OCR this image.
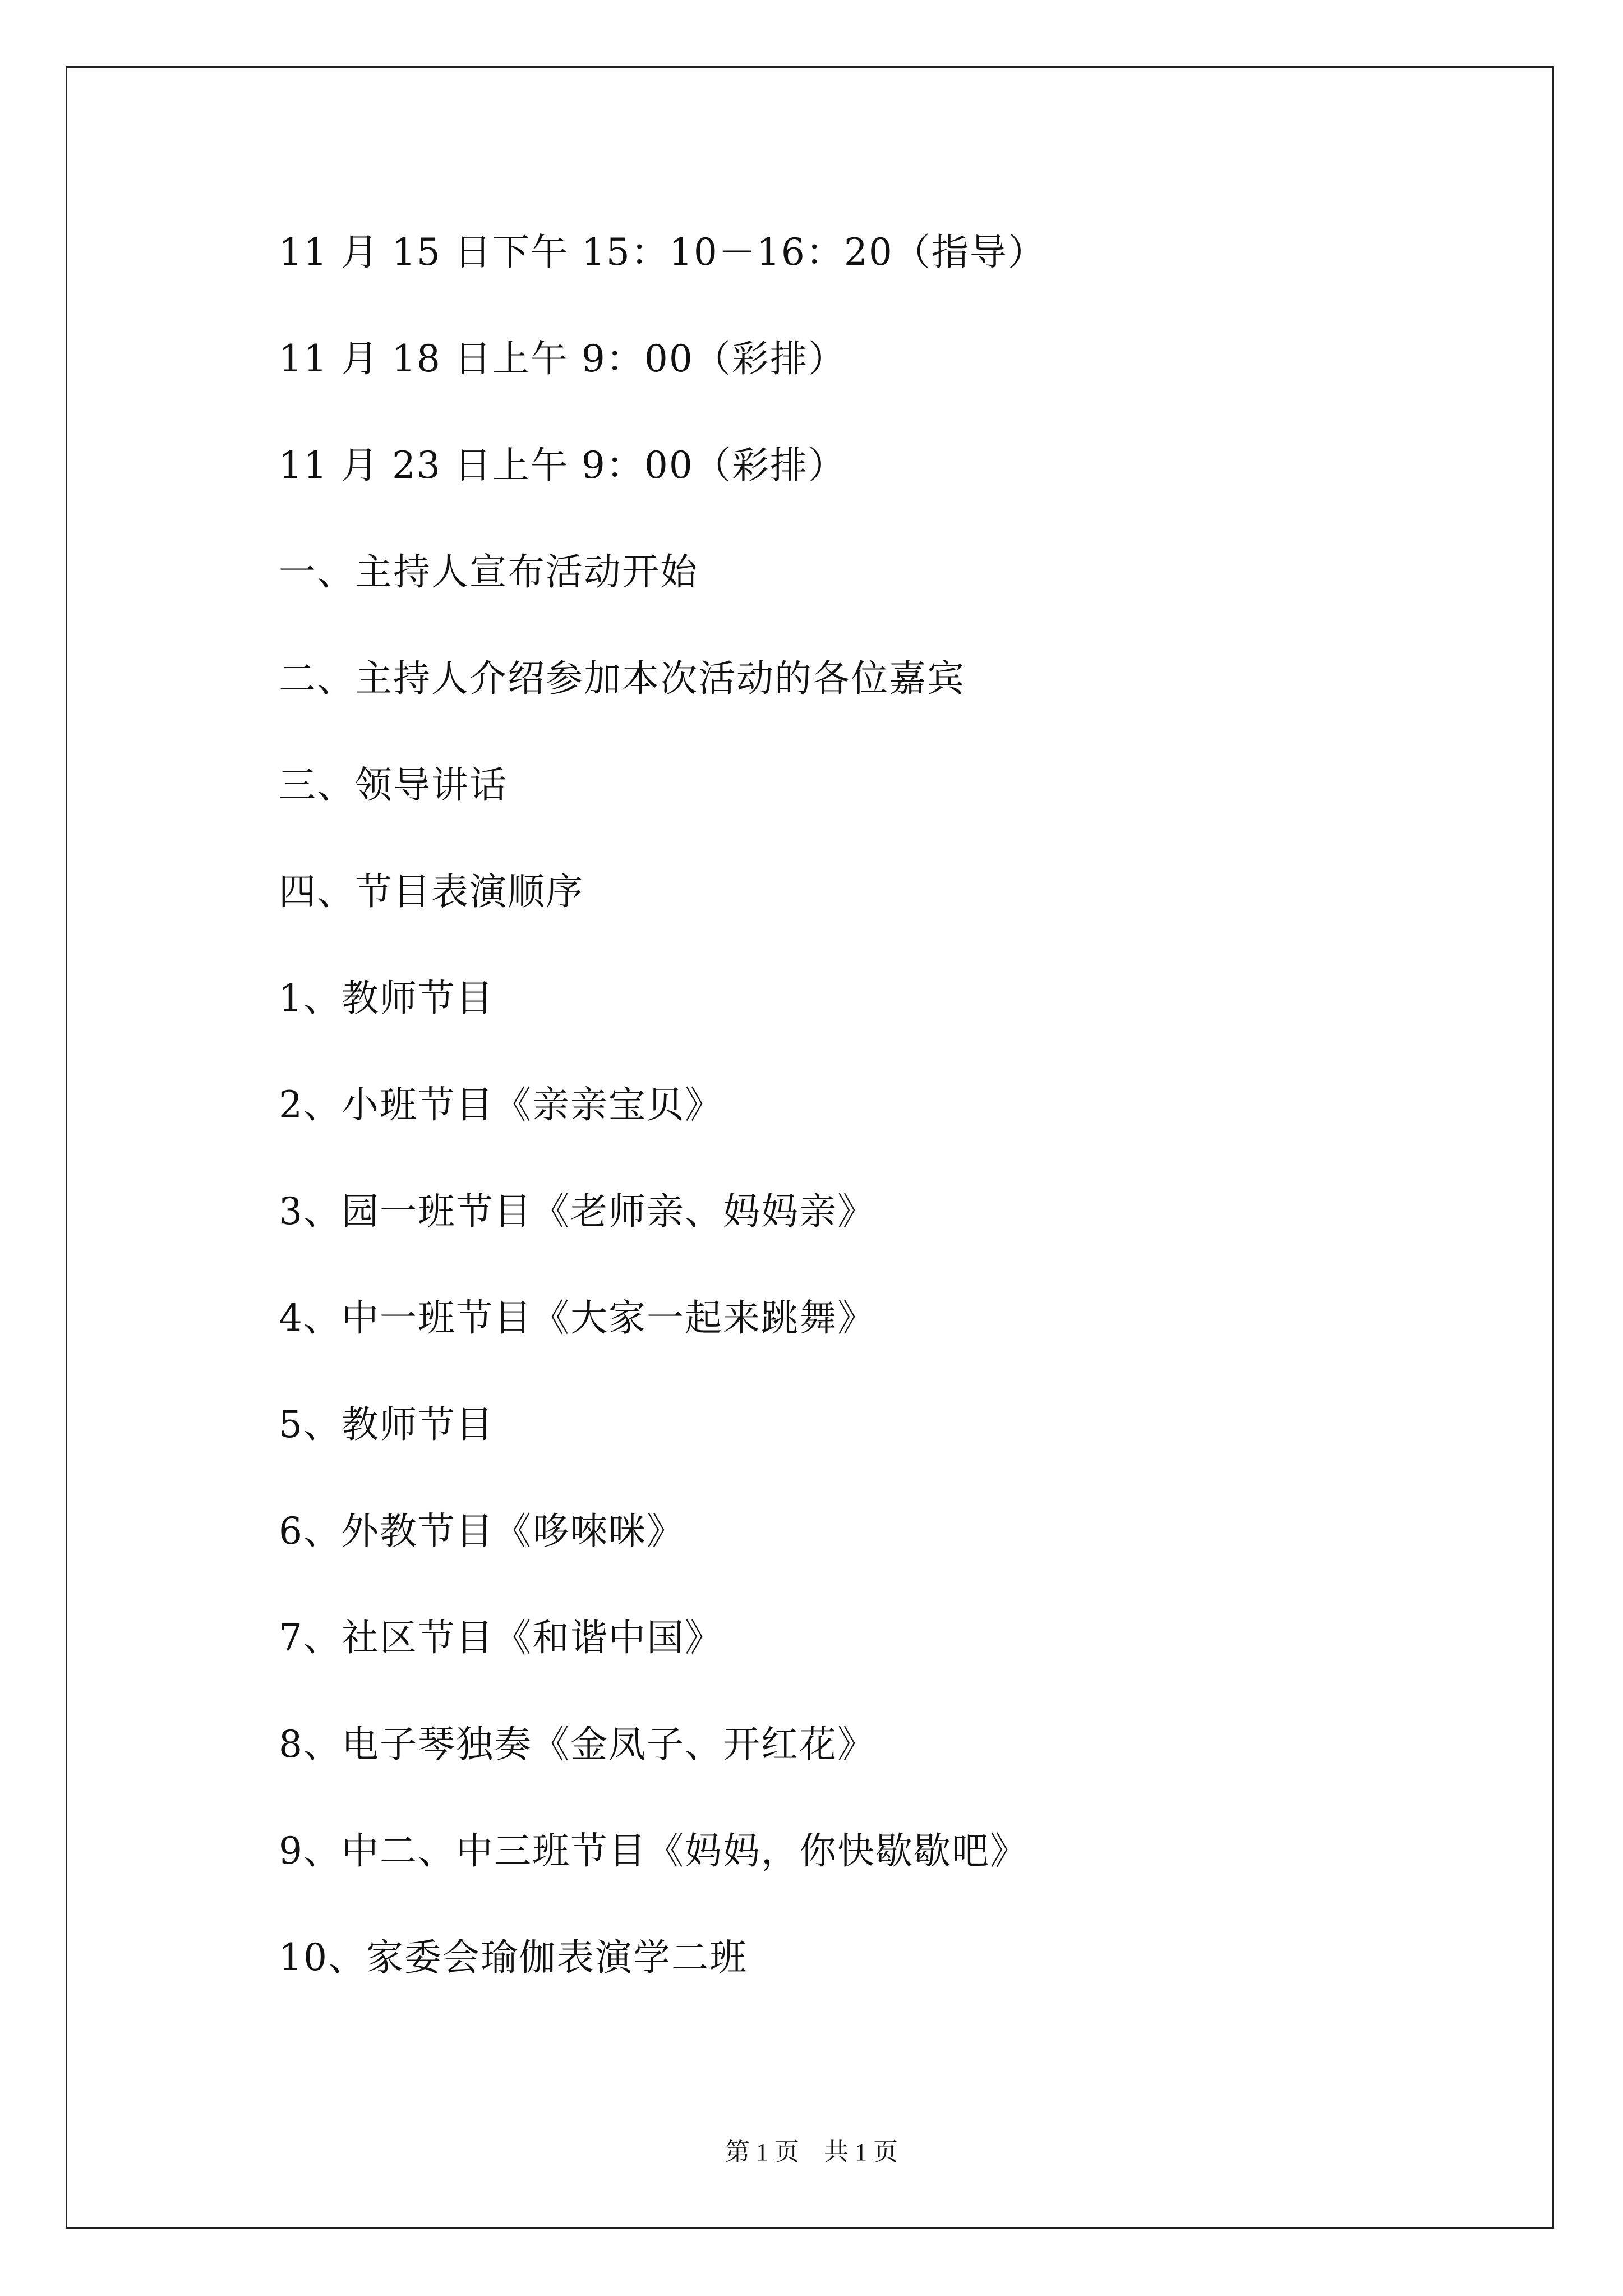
11 月 15 日下午 15：10－16：20（指导）
11 月 18 日上午 9：00（彩排）
11 月 23 日上午 9：00（彩排）
一、主持人宣布活动开始
二、主持人介绍参加本次活动的各位嘉宾
三、领导讲话
四、节目表演顺序
1、教师节目
2、小班节目《亲亲宝贝》
3、园一班节目《老师亲、妈妈亲》
4、中一班节目《大家一起来跳舞》
5、教师节目
6、外教节目《哆唻咪》
7、社区节目《和谐中国》
8、电子琴独奏《金凤子、开红花》
9、中二、中三班节目《妈妈，你快歇歇吧》
10、家委会瑜伽表演学二班
第 1 页　共 1 页
